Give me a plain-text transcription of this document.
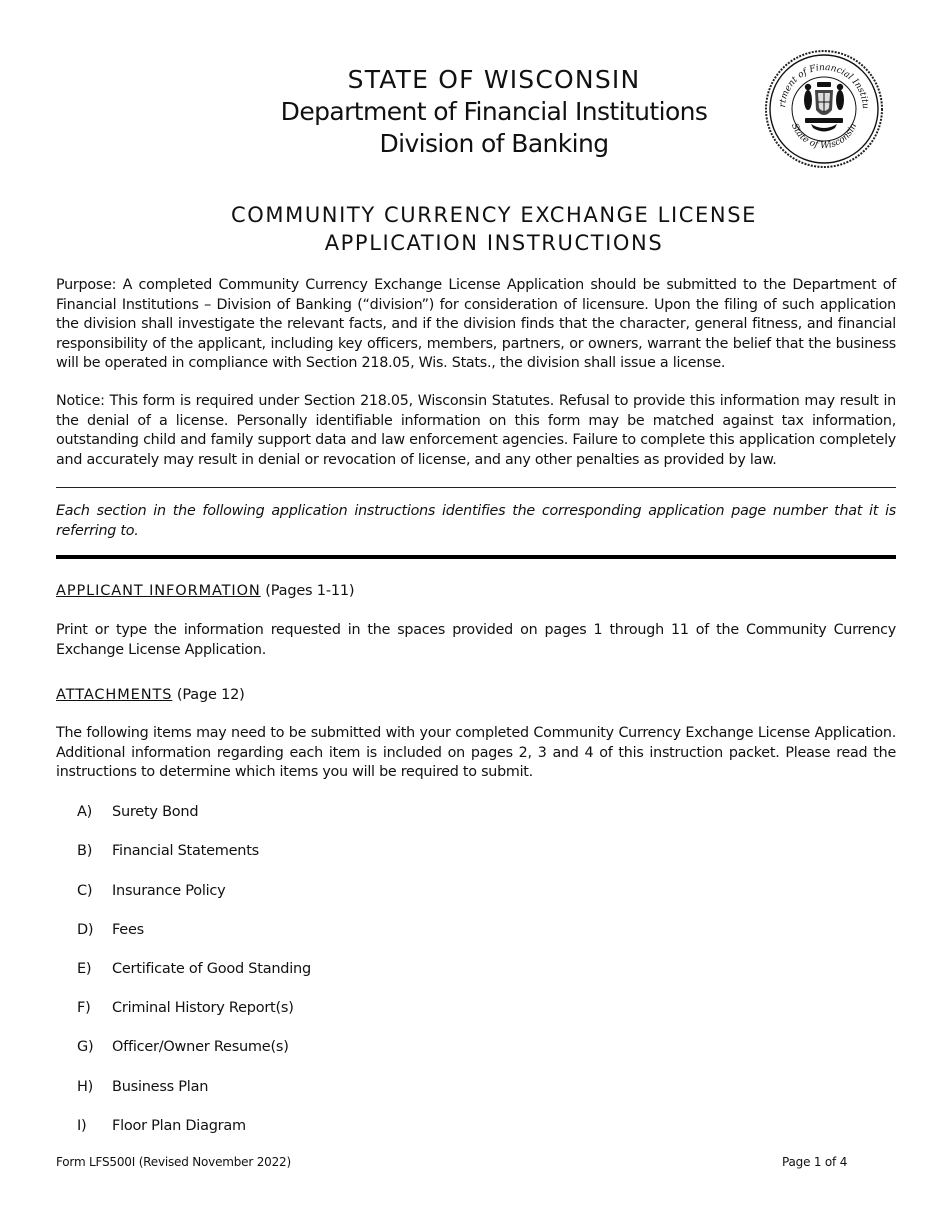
STATE OF WISCONSIN
Department of Financial Institutions
Division of Banking
rtment of Financial Institu
State of Wisconsin
COMMUNITY CURRENCY EXCHANGE LICENSE
APPLICATION INSTRUCTIONS
Purpose: A completed Community Currency Exchange License Application should be submitted to the Department of Financial Institutions – Division of Banking (“division”) for consideration of licensure. Upon the filing of such application the division shall investigate the relevant facts, and if the division finds that the character, general fitness, and financial responsibility of the applicant, including key officers, members, partners, or owners, warrant the belief that the business will be operated in compliance with Section 218.05, Wis. Stats., the division shall issue a license.
Notice: This form is required under Section 218.05, Wisconsin Statutes. Refusal to provide this information may result in the denial of a license. Personally identifiable information on this form may be matched against tax information, outstanding child and family support data and law enforcement agencies. Failure to complete this application completely and accurately may result in denial or revocation of license, and any other penalties as provided by law.
Each section in the following application instructions identifies the corresponding application page number that it is referring to.
APPLICANT INFORMATION (Pages 1-11)
Print or type the information requested in the spaces provided on pages 1 through 11 of the Community Currency Exchange License Application.
ATTACHMENTS (Page 12)
The following items may need to be submitted with your completed Community Currency Exchange License Application. Additional information regarding each item is included on pages 2, 3 and 4 of this instruction packet. Please read the instructions to determine which items you will be required to submit.
A) Surety Bond
B) Financial Statements
C) Insurance Policy
D) Fees
E) Certificate of Good Standing
F) Criminal History Report(s)
G) Officer/Owner Resume(s)
H) Business Plan
I) Floor Plan Diagram
Form LFS500I (Revised November 2022)	Page 1 of 4
